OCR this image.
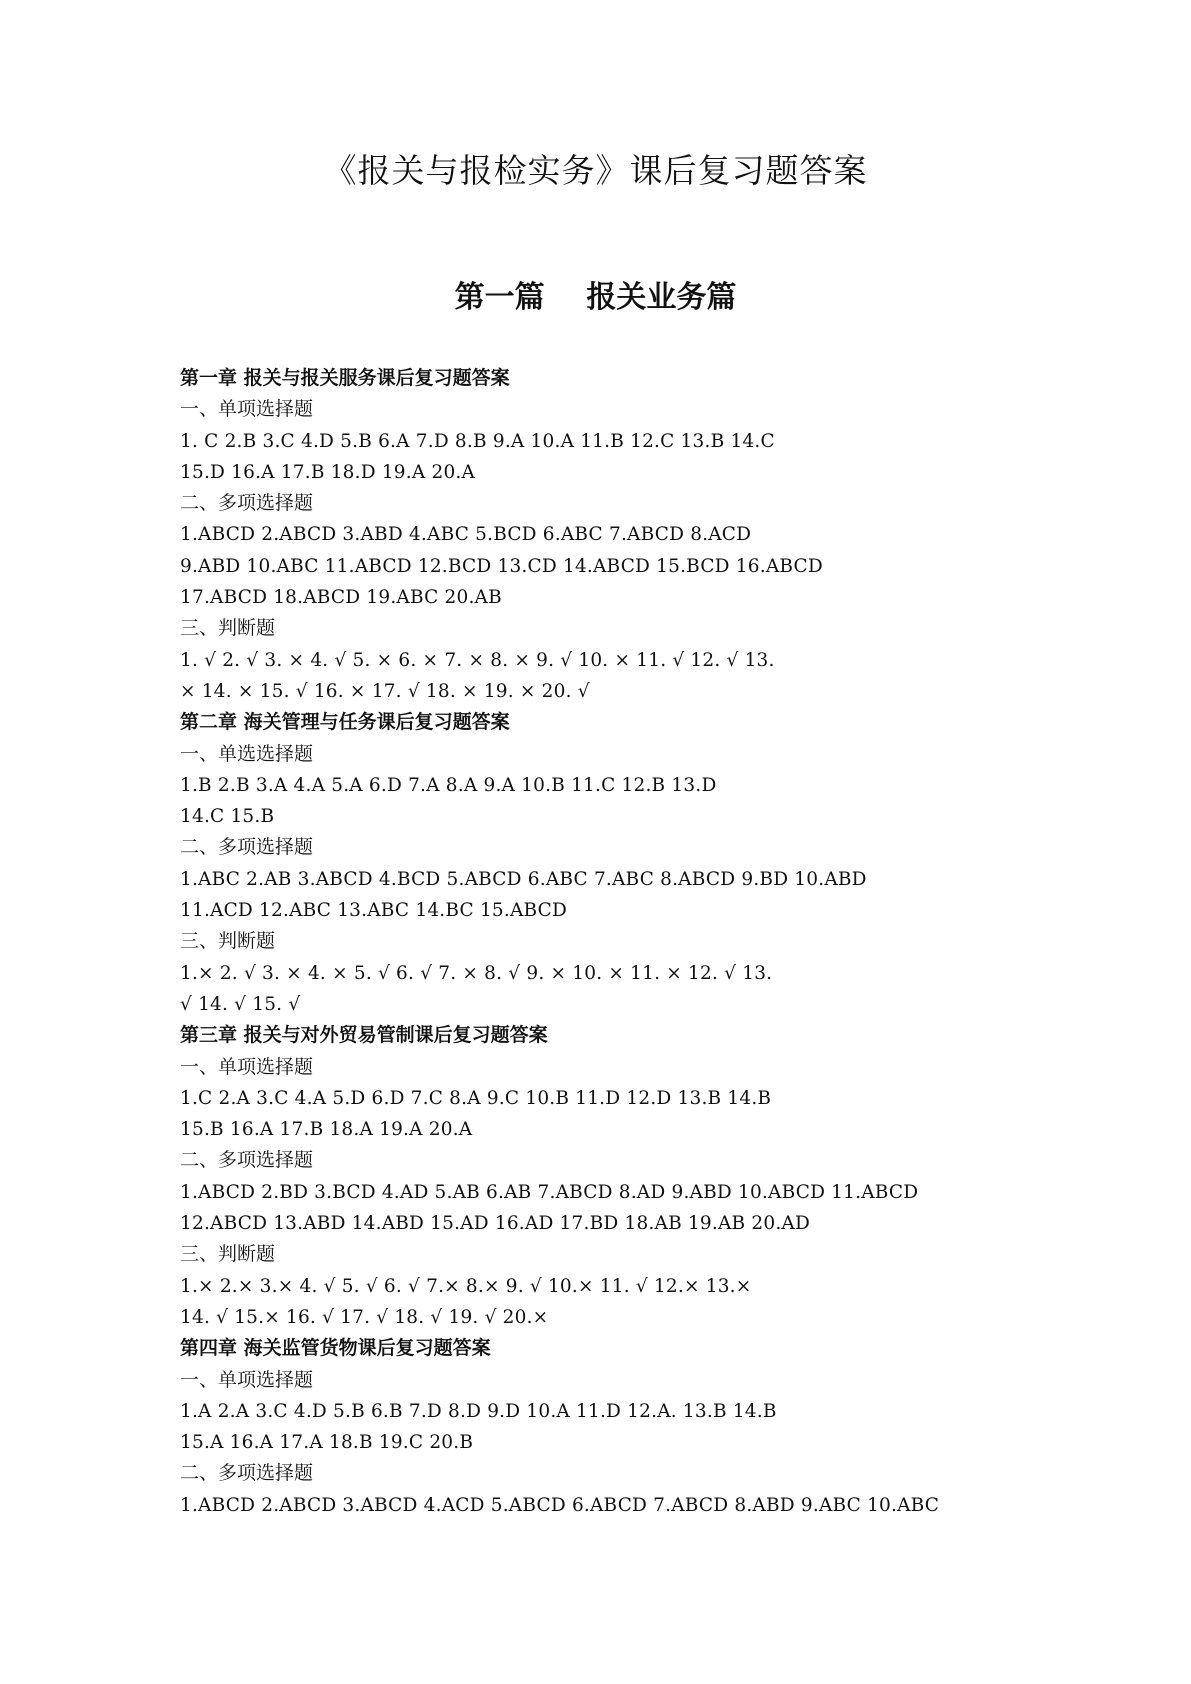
《报关与报检实务》课后复习题答案
第一篇    报关业务篇
第一章 报关与报关服务课后复习题答案
一、单项选择题
1. C 2.B 3.C 4.D 5.B 6.A 7.D 8.B 9.A 10.A 11.B 12.C 13.B 14.C
15.D 16.A 17.B 18.D 19.A 20.A
二、多项选择题
1.ABCD 2.ABCD 3.ABD 4.ABC 5.BCD 6.ABC 7.ABCD 8.ACD
9.ABD 10.ABC 11.ABCD 12.BCD 13.CD 14.ABCD 15.BCD 16.ABCD
17.ABCD 18.ABCD 19.ABC 20.AB
三、判断题
1. √ 2. √ 3. × 4. √ 5. × 6. × 7. × 8. × 9. √ 10. × 11. √ 12. √ 13.
× 14. × 15. √ 16. × 17. √ 18. × 19. × 20. √
第二章 海关管理与任务课后复习题答案
一、单选选择题
1.B 2.B 3.A 4.A 5.A 6.D 7.A 8.A 9.A 10.B 11.C 12.B 13.D
14.C 15.B
二、多项选择题
1.ABC 2.AB 3.ABCD 4.BCD 5.ABCD 6.ABC 7.ABC 8.ABCD 9.BD 10.ABD
11.ACD 12.ABC 13.ABC 14.BC 15.ABCD
三、判断题
1.× 2. √ 3. × 4. × 5. √ 6. √ 7. × 8. √ 9. × 10. × 11. × 12. √ 13.
√ 14. √ 15. √
第三章 报关与对外贸易管制课后复习题答案
一、单项选择题
1.C 2.A 3.C 4.A 5.D 6.D 7.C 8.A 9.C 10.B 11.D 12.D 13.B 14.B
15.B 16.A 17.B 18.A 19.A 20.A
二、多项选择题
1.ABCD 2.BD 3.BCD 4.AD 5.AB 6.AB 7.ABCD 8.AD 9.ABD 10.ABCD 11.ABCD
12.ABCD 13.ABD 14.ABD 15.AD 16.AD 17.BD 18.AB 19.AB 20.AD
三、判断题
1.× 2.× 3.× 4. √ 5. √ 6. √ 7.× 8.× 9. √ 10.× 11. √ 12.× 13.×
14. √ 15.× 16. √ 17. √ 18. √ 19. √ 20.×
第四章 海关监管货物课后复习题答案
一、单项选择题
1.A 2.A 3.C 4.D 5.B 6.B 7.D 8.D 9.D 10.A 11.D 12.A. 13.B 14.B
15.A 16.A 17.A 18.B 19.C 20.B
二、多项选择题
1.ABCD 2.ABCD 3.ABCD 4.ACD 5.ABCD 6.ABCD 7.ABCD 8.ABD 9.ABC 10.ABC
